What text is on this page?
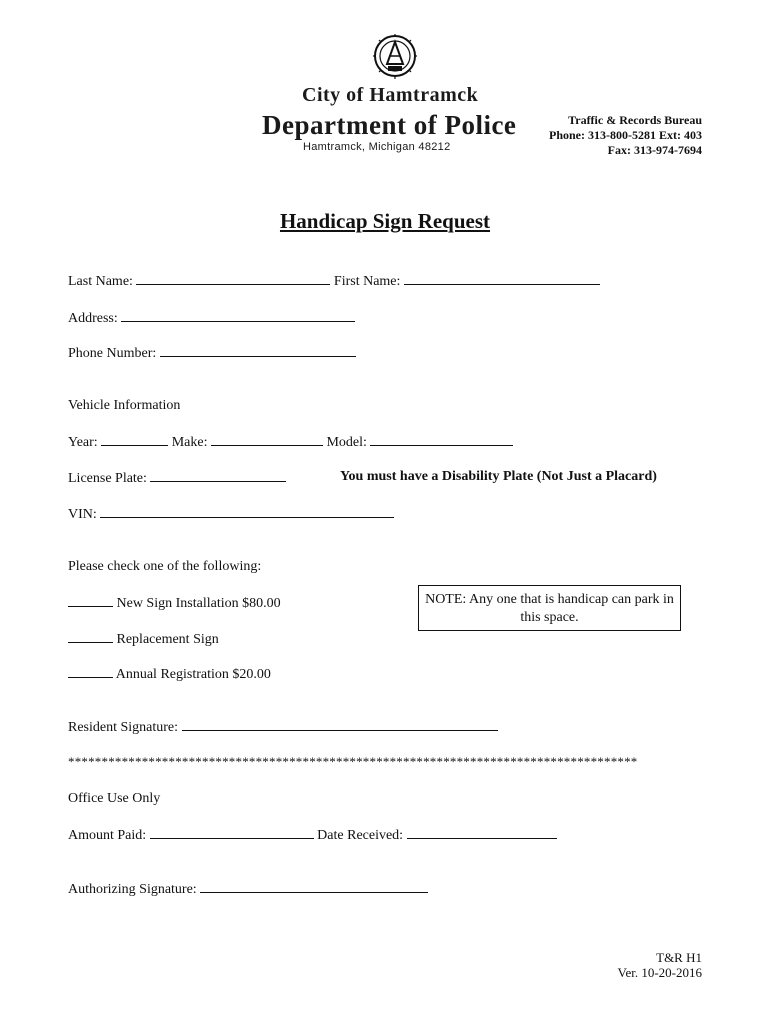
City of Hamtramck
Department of Police
Hamtramck, Michigan 48212
Traffic & Records Bureau
Phone: 313-800-5281 Ext: 403
Fax: 313-974-7694
Handicap Sign Request
Last Name:	First Name:
Address:
Phone Number:
Vehicle Information
Year:	Make:	Model:
License Plate:	You must have a Disability Plate (Not Just a Placard)
VIN:
Please check one of the following:
New Sign Installation $80.00
Replacement Sign
Annual Registration $20.00
NOTE: Any one that is handicap can park in this space.
Resident Signature:
*************************************************************************************
Office Use Only
Amount Paid:	Date Received:
Authorizing Signature:
T&R H1
Ver. 10-20-2016
